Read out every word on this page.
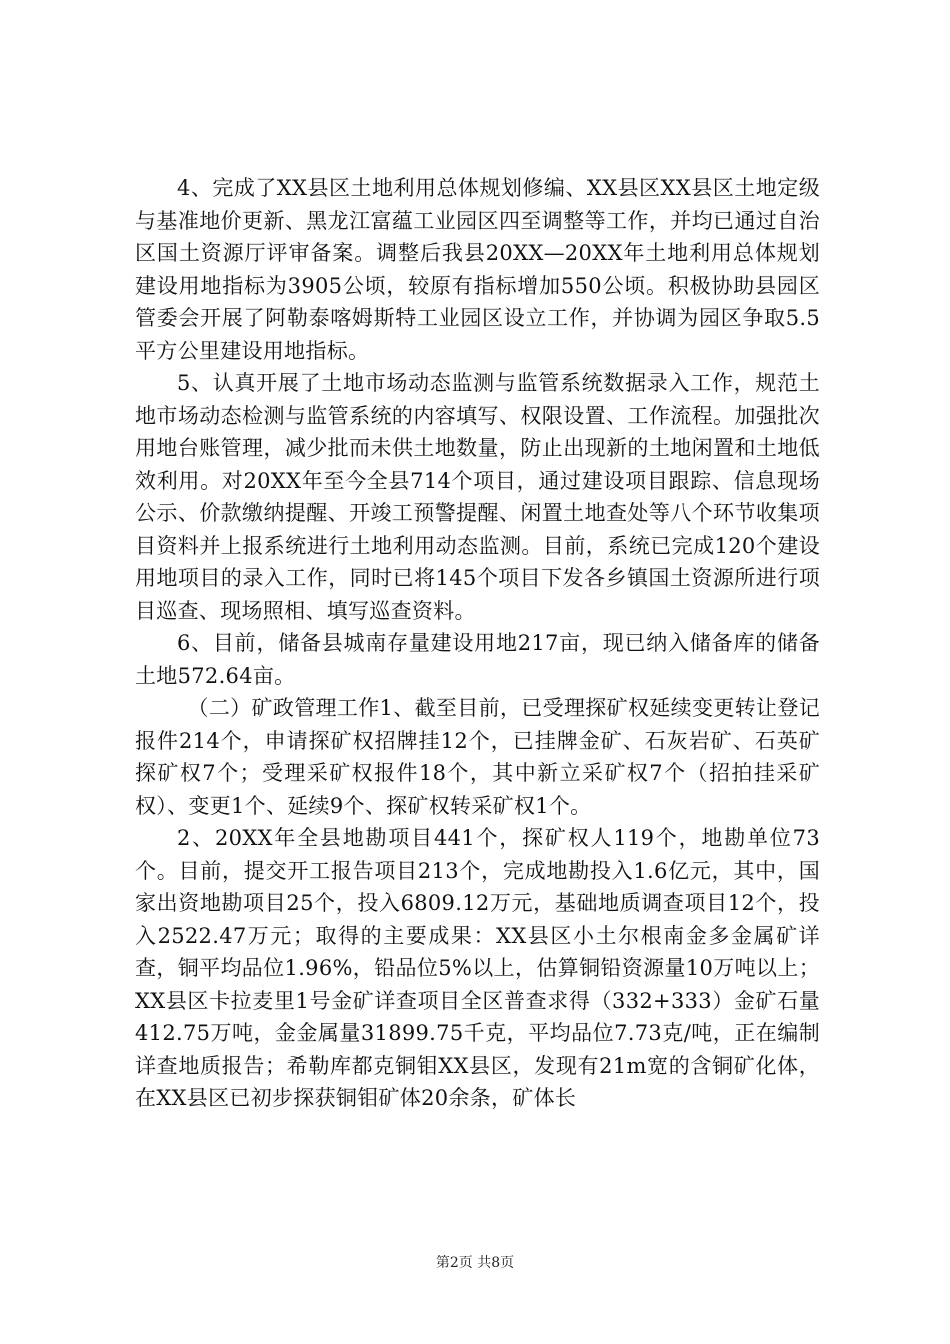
4、完成了XX县区土地利用总体规划修编、XX县区XX县区土地定级与基准地价更新、黑龙江富蕴工业园区四至调整等工作，并均已通过自治区国土资源厅评审备案。调整后我县20XX—20XX年土地利用总体规划建设用地指标为3905公顷，较原有指标增加550公顷。积极协助县园区管委会开展了阿勒泰喀姆斯特工业园区设立工作，并协调为园区争取5.5平方公里建设用地指标。

5、认真开展了土地市场动态监测与监管系统数据录入工作，规范土地市场动态检测与监管系统的内容填写、权限设置、工作流程。加强批次用地台账管理，减少批而未供土地数量，防止出现新的土地闲置和土地低效利用。对20XX年至今全县714个项目，通过建设项目跟踪、信息现场公示、价款缴纳提醒、开竣工预警提醒、闲置土地查处等八个环节收集项目资料并上报系统进行土地利用动态监测。目前，系统已完成120个建设用地项目的录入工作，同时已将145个项目下发各乡镇国土资源所进行项目巡查、现场照相、填写巡查资料。

6、目前，储备县城南存量建设用地217亩，现已纳入储备库的储备土地572.64亩。

（二）矿政管理工作1、截至目前，已受理探矿权延续变更转让登记报件214个，申请探矿权招牌挂12个，已挂牌金矿、石灰岩矿、石英矿探矿权7个；受理采矿权报件18个，其中新立采矿权7个（招拍挂采矿权）、变更1个、延续9个、探矿权转采矿权1个。

2、20XX年全县地勘项目441个，探矿权人119个，地勘单位73个。目前，提交开工报告项目213个，完成地勘投入1.6亿元，其中，国家出资地勘项目25个，投入6809.12万元，基础地质调查项目12个，投入2522.47万元；取得的主要成果：XX县区小土尔根南金多金属矿详查，铜平均品位1.96%，铅品位5%以上，估算铜铅资源量10万吨以上；XX县区卡拉麦里1号金矿详查项目全区普查求得（332+333）金矿石量412.75万吨，金金属量31899.75千克，平均品位7.73克/吨，正在编制详查地质报告；希勒库都克铜钼XX县区，发现有21m宽的含铜矿化体，在XX县区已初步探获铜钼矿体20余条，矿体长

第2页 共8页
